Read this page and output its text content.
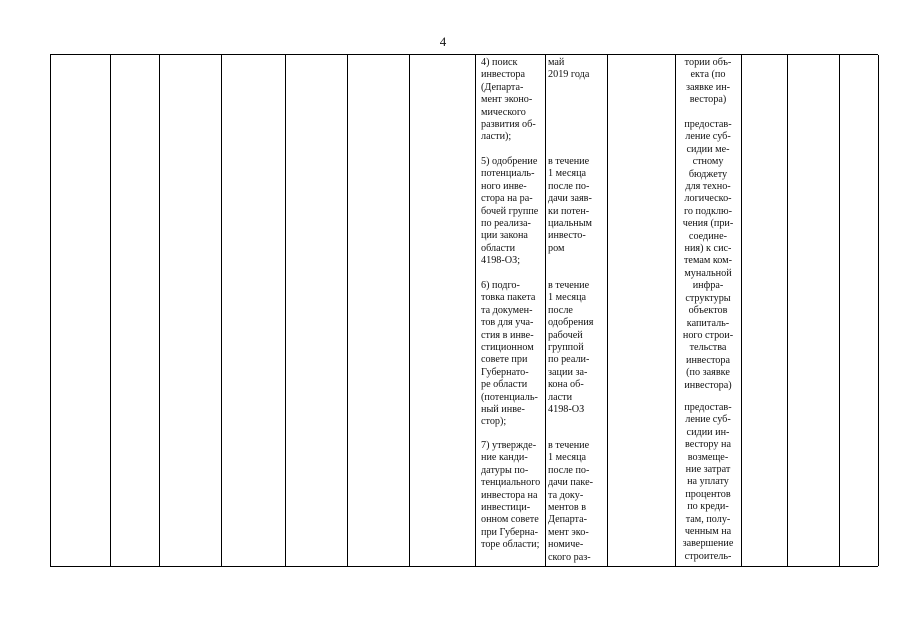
4
4) поиск
инвестора
(Департа-
мент эконо-
мического
развития об-
ласти);
5) одобрение
потенциаль-
ного инве-
стора на ра-
бочей группе
по реализа-
ции закона
области
4198-ОЗ;
6) подго-
товка пакета
та докумен-
тов для уча-
стия в инве-
стиционном
совете при
Губернато-
ре области
(потенциаль-
ный инве-
стор);
7) утвержде-
ние канди-
датуры по-
тенциального
инвестора на
инвестици-
онном совете
при Губерна-
торе области;
май
2019 года
в течение
1 месяца
после по-
дачи заяв-
ки потен-
циальным
инвесто-
ром
в течение
1 месяца
после
одобрения
рабочей
группой
по реали-
зации за-
кона об-
ласти
4198-ОЗ
в течение
1 месяца
после по-
дачи паке-
та доку-
ментов в
Департа-
мент эко-
номиче-
ского раз-
тории объ-
екта (по
заявке ин-
вестора)
предостав-
ление суб-
сидии ме-
стному
бюджету
для техно-
логическо-
го подклю-
чения (при-
соедине-
ния) к сис-
темам ком-
мунальной
инфра-
структуры
объектов
капиталь-
ного строи-
тельства
инвестора
(по заявке
инвестора)
предостав-
ление суб-
сидии ин-
вестору на
возмеще-
ние затрат
на уплату
процентов
по креди-
там, полу-
ченным на
завершение
строитель-
